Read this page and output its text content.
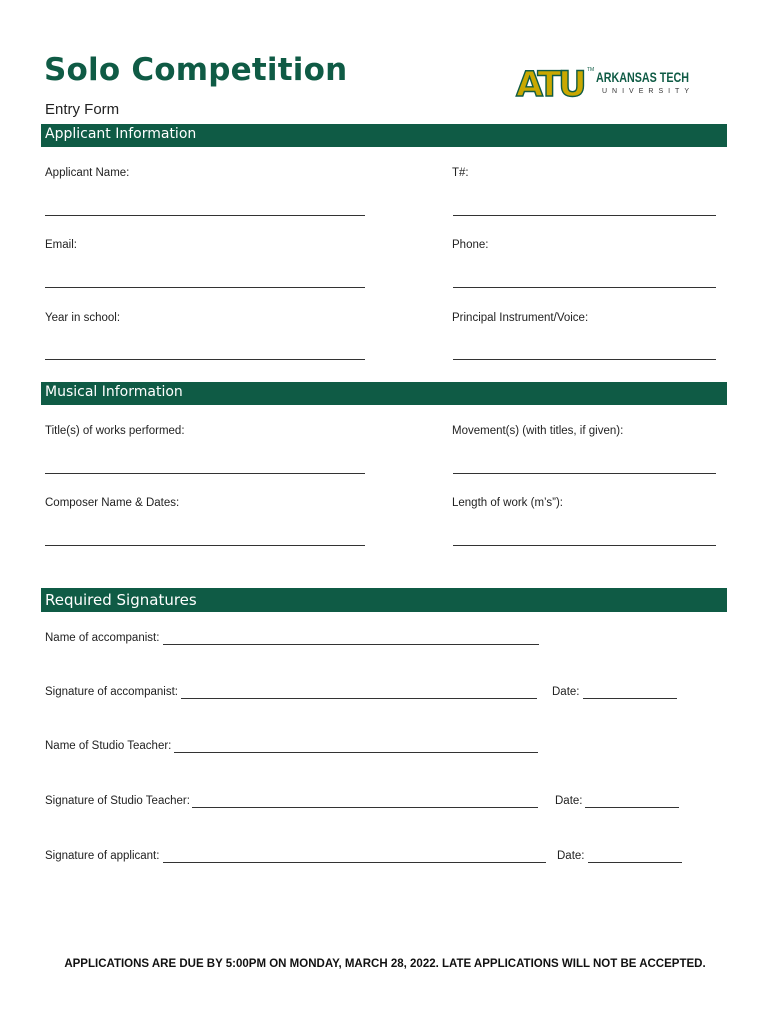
Solo Competition
Entry Form
ATU TM ARKANSAS TECH
UNIVERSITY
Applicant Information
Applicant Name:	T#:
Email:	Phone:
Year in school:	Principal Instrument/Voice:
Musical Information
Title(s) of works performed:	Movement(s) (with titles, if given):
Composer Name & Dates:	Length of work (m’s”):
Required Signatures
Name of accompanist:
Signature of accompanist:	Date:
Name of Studio Teacher:
Signature of Studio Teacher:	Date:
Signature of applicant:	Date:
APPLICATIONS ARE DUE BY 5:00PM ON MONDAY, MARCH 28, 2022. LATE APPLICATIONS WILL NOT BE ACCEPTED.
